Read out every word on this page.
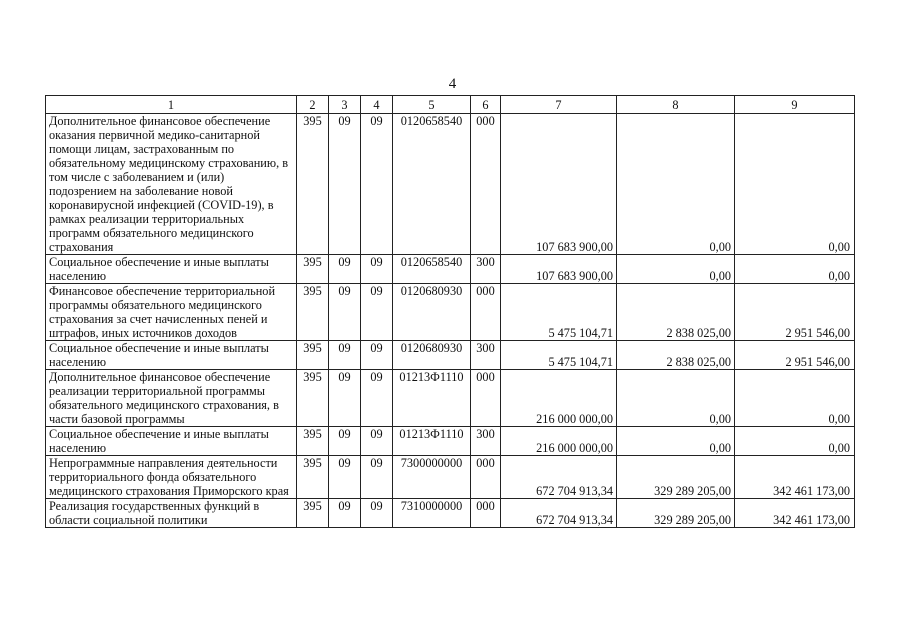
4
1	2	3	4	5	6	7	8	9
Дополнительное финансовое обеспечение оказания первичной медико-санитарной помощи лицам, застрахованным по обязательному медицинскому страхованию, в том числе с заболеванием и (или) подозрением на заболевание новой коронавирусной инфекцией (COVID-19), в рамках реализации территориальных программ обязательного медицинского страхования	395	09	09	0120658540	000	107 683 900,00	0,00	0,00
Социальное обеспечение и иные выплаты населению	395	09	09	0120658540	300	107 683 900,00	0,00	0,00
Финансовое обеспечение территориальной программы обязательного медицинского страхования за счет начисленных пеней и штрафов, иных источников доходов	395	09	09	0120680930	000	5 475 104,71	2 838 025,00	2 951 546,00
Социальное обеспечение и иные выплаты населению	395	09	09	0120680930	300	5 475 104,71	2 838 025,00	2 951 546,00
Дополнительное финансовое обеспечение реализации территориальной программы обязательного медицинского страхования, в части базовой программы	395	09	09	01213Ф1110	000	216 000 000,00	0,00	0,00
Социальное обеспечение и иные выплаты населению	395	09	09	01213Ф1110	300	216 000 000,00	0,00	0,00
Непрограммные направления деятельности территориального фонда обязательного медицинского страхования Приморского края	395	09	09	7300000000	000	672 704 913,34	329 289 205,00	342 461 173,00
Реализация государственных функций в области социальной политики	395	09	09	7310000000	000	672 704 913,34	329 289 205,00	342 461 173,00
